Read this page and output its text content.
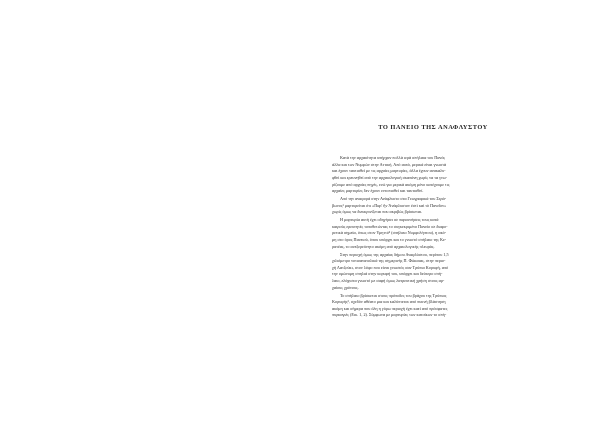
ΤΟ ΠΑΝΕΙΟ ΤΗΣ ΑΝΑΦΛΥΣΤΟΥ
Κατά την αρχαιότητα υπήρχαν πολλά ιερά σπήλαια του Πανός
άλλα και των Νυμφών στην Αττική. Από αυτά, μερικά είναι γνωστά
και έχουν ταυτισθεί με τις αρχαίες μαρτυρίες, άλλα έχουν ανακαλυ-
φθεί και ερευνηθεί από την αρχαιολογική σκαπάνη χωρίς να τα γνω-
ρίζουμε από αρχαίες πηγές, ενώ για μερικά ακόμη μόνο κατέχουμε τις
αρχαίες μαρτυρίες δεν έχουν εντοπισθεί και ταυτισθεί.
Από την αναφορά στην Ανάφλυστο στα Γεωγραφικά του Στρά-
βωνος¹ μαρτυρείται ότι «Παρ' ἣν Ἀνάφλυστον ἐστὶ καὶ τὸ Πανεῖον»
χωρίς όμως να διευκρινίζεται που ακριβώς βρίσκεται.
Η μαρτυρία αυτή έχει οδηγήσει σε παρανοήσεις τους κατά
καιρούς ερευνητές τοποθετώντας το συγκεκριμένο Πανείο σε διαφο-
ρετικά σημεία, όπως στον Υμηττό² (σπήλαιο Νυμφολήπτου), η ακό-
μη στο όρος Πανειού, όπου υπάρχει και το γνωστό σπήλαιο της Κε-
ρατέας, το ανεξερεύνητο ακόμη από αρχαιολογικής πλευράς.
Στην περιοχή όμως της αρχαίας δήμου Αναφλύστου, περίπου 1,5
χιλιόμετρο νοτιοανατολικά της σημερινής Π. Φώκαιας, στην περιο-
χή Λατζούκι, στον λόφο που είναι γνωστός σαν Τρύπια Κορυφή, από
την ομώνυμη σπηλιά στην κορυφή του, υπάρχει και δεύτερο σπή-
λαιο, ελάχιστα γνωστό με σαφή όμως λατρευτική χρήση στους αρ-
χαίους χρόνους.
Το σπήλαιο βρίσκεται στους πρόποδες του βράχου της Τρύπιας
Κορυφής³, σχεδόν αθέατο μια και καλύπτεται από πυκνή βλάστηση
ακόμη και σήμερα που όλη η γύρω περιοχή έχει καεί από πρόσφατες
πυρκαγιές (Εικ. 1, 2). Σύμφωνα με μαρτυρίες των κατοίκων το σπή-
